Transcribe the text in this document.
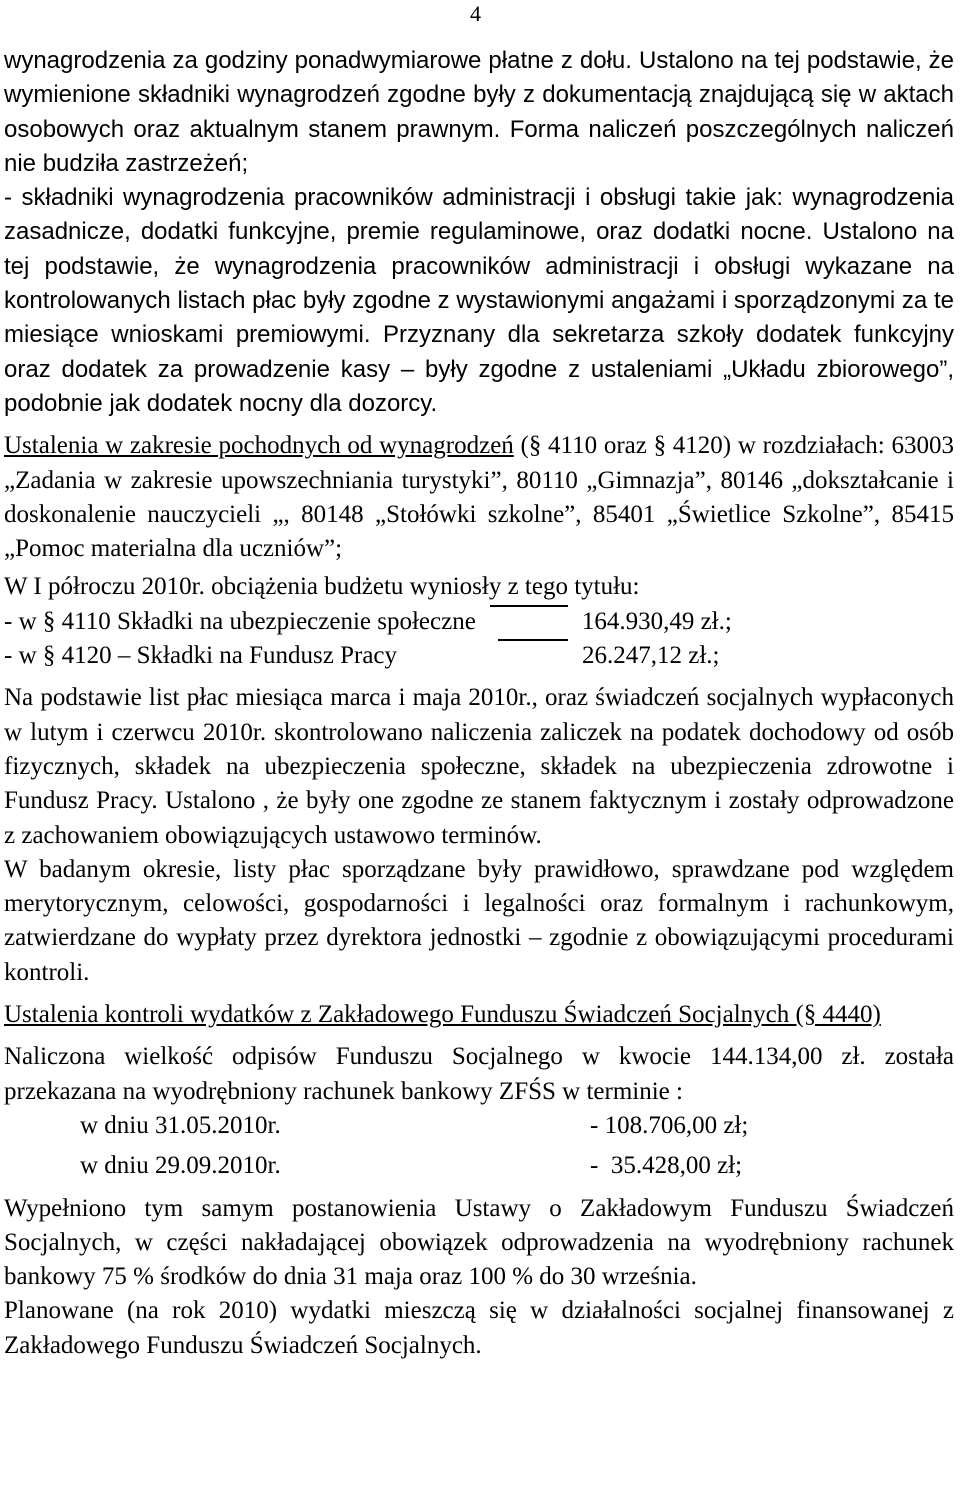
4

wynagrodzenia za godziny ponadwymiarowe płatne z dołu. Ustalono na tej podstawie, że wymienione składniki wynagrodzeń zgodne były z dokumentacją znajdującą się w aktach osobowych oraz aktualnym stanem prawnym. Forma naliczeń poszczególnych naliczeń nie budziła zastrzeżeń;

- składniki wynagrodzenia pracowników administracji i obsługi takie jak: wynagrodzenia zasadnicze, dodatki funkcyjne, premie regulaminowe, oraz dodatki nocne. Ustalono na tej podstawie, że wynagrodzenia pracowników administracji i obsługi wykazane na kontrolowanych listach płac były zgodne z wystawionymi angażami i sporządzonymi za te miesiące wnioskami premiowymi. Przyznany dla sekretarza szkoły dodatek funkcyjny oraz dodatek za prowadzenie kasy – były zgodne z ustaleniami „Układu zbiorowego”, podobnie jak dodatek nocny dla dozorcy.

Ustalenia w zakresie pochodnych od wynagrodzeń (§ 4110 oraz § 4120) w rozdziałach: 63003 „Zadania w zakresie upowszechniania turystyki”, 80110 „Gimnazja”, 80146 „dokształcanie i doskonalenie nauczycieli „, 80148 „Stołówki szkolne”, 85401 „Świetlice Szkolne”, 85415 „Pomoc materialna dla uczniów”;

W I półroczu 2010r. obciążenia budżetu wyniosły z tego tytułu:

- w § 4110 Składki na ubezpieczenie społeczne	164.930,49 zł.;
- w § 4120 – Składki na Fundusz Pracy	26.247,12 zł.;

Na podstawie list płac miesiąca marca i maja 2010r., oraz świadczeń socjalnych wypłaconych w lutym i czerwcu 2010r. skontrolowano naliczenia zaliczek na podatek dochodowy od osób fizycznych, składek na ubezpieczenia społeczne, składek na ubezpieczenia zdrowotne i Fundusz Pracy. Ustalono , że były one zgodne ze stanem faktycznym i zostały odprowadzone z zachowaniem obowiązujących ustawowo terminów.

W badanym okresie, listy płac sporządzane były prawidłowo, sprawdzane pod względem merytorycznym, celowości, gospodarności i legalności oraz formalnym i rachunkowym, zatwierdzane do wypłaty przez dyrektora jednostki – zgodnie z obowiązującymi procedurami kontroli.

Ustalenia kontroli wydatków z Zakładowego Funduszu Świadczeń Socjalnych (§ 4440)

Naliczona wielkość odpisów Funduszu Socjalnego w kwocie 144.134,00 zł. została przekazana na wyodrębniony rachunek bankowy ZFŚS w terminie :

w dniu 31.05.2010r.	- 108.706,00 zł;
w dniu 29.09.2010r.	-  35.428,00 zł;

Wypełniono tym samym postanowienia Ustawy o Zakładowym Funduszu Świadczeń Socjalnych, w części nakładającej obowiązek odprowadzenia na wyodrębniony rachunek bankowy 75 % środków do dnia 31 maja oraz 100 % do 30 września.

Planowane (na rok 2010) wydatki mieszczą się w działalności socjalnej finansowanej z Zakładowego Funduszu Świadczeń Socjalnych.
